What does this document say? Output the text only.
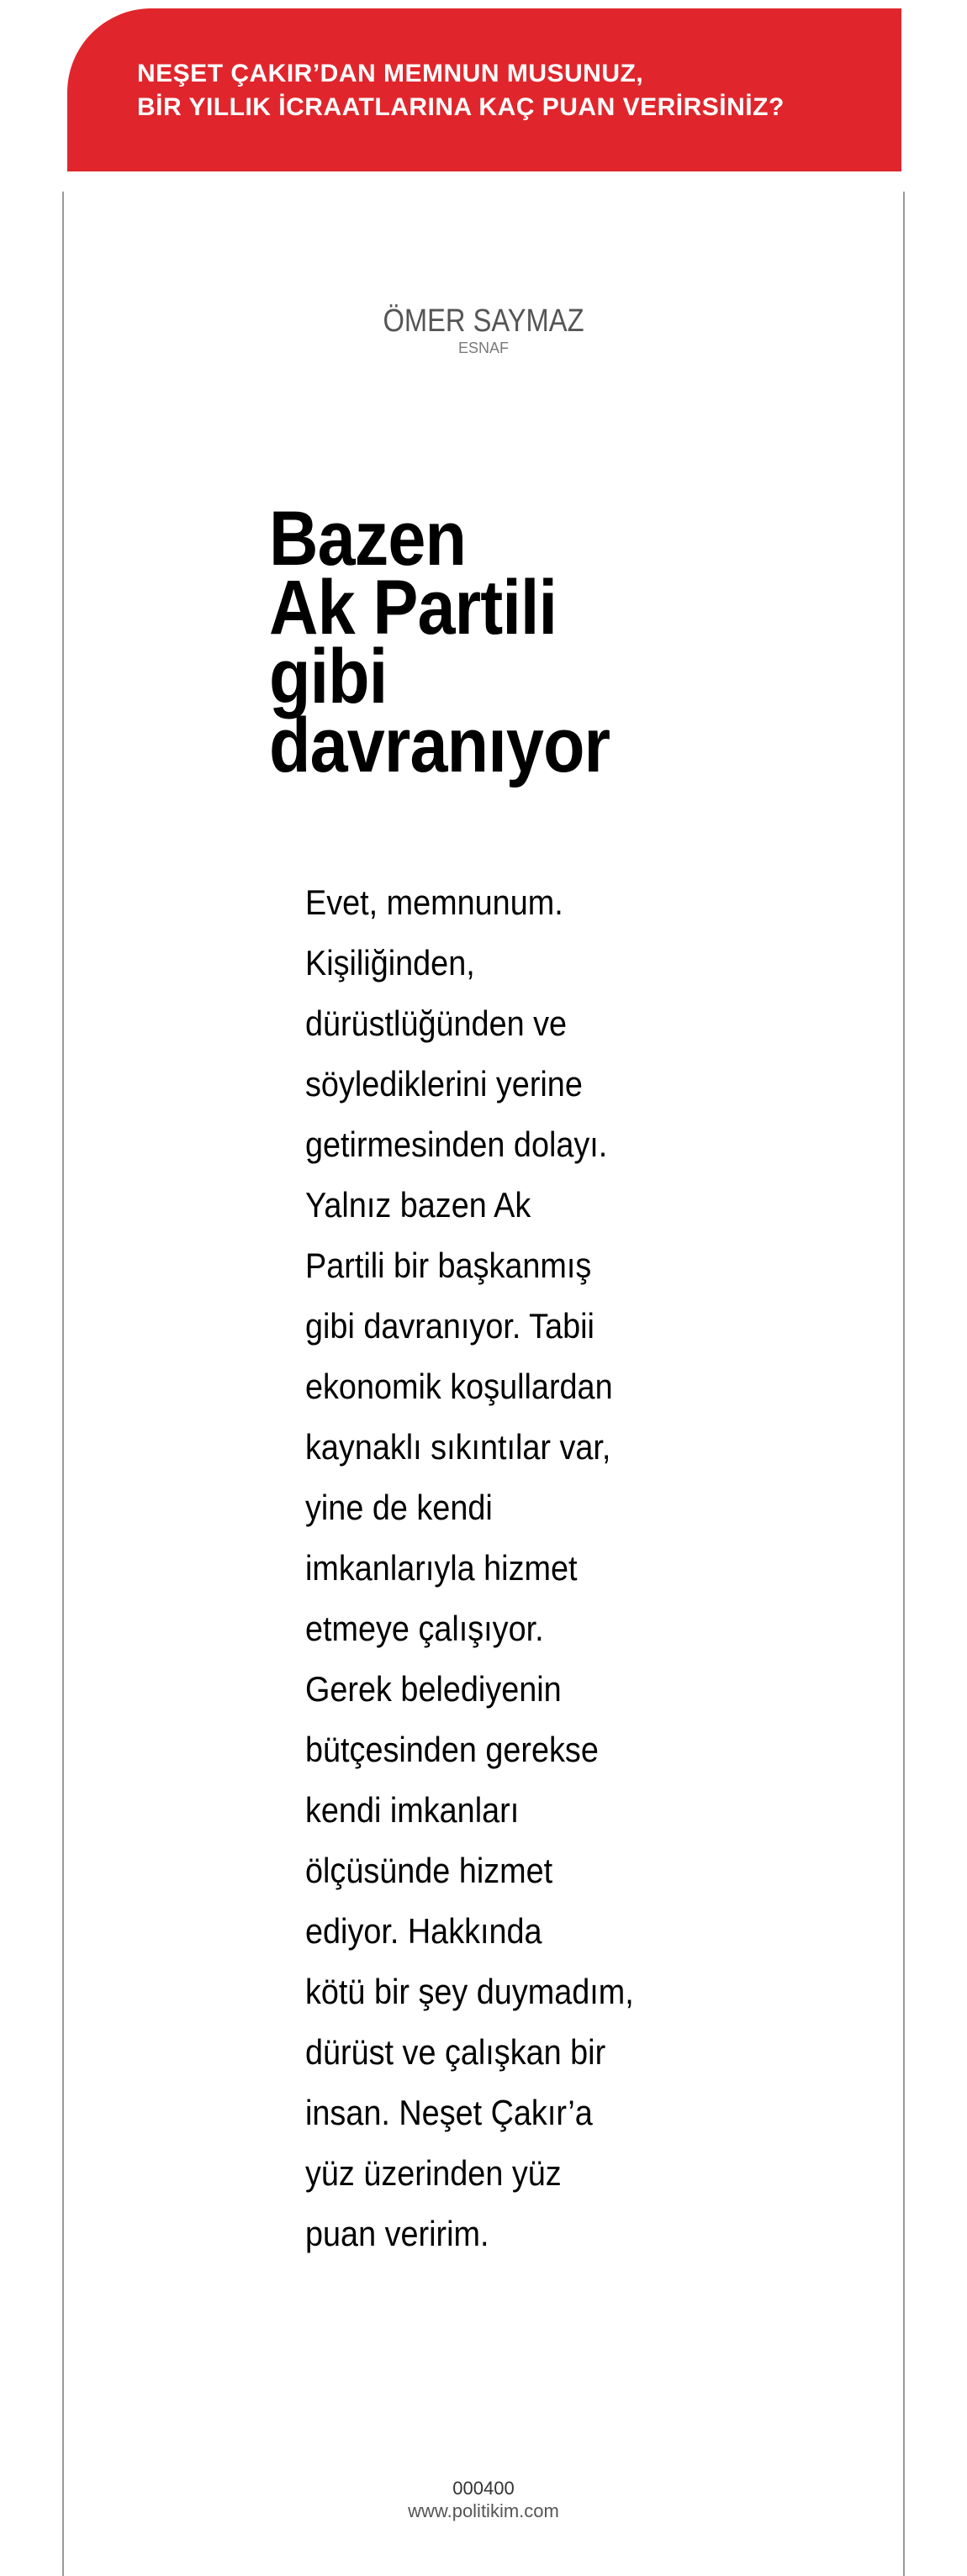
NEŞET ÇAKIR’DAN MEMNUN MUSUNUZ,
BİR YILLIK İCRAATLARINA KAÇ PUAN VERİRSİNİZ?
ÖMER SAYMAZ
ESNAF
Bazen
Ak Partili
gibi
davranıyor
Evet, memnunum.
Kişiliğinden,
dürüstlüğünden ve
söylediklerini yerine
getirmesinden dolayı.
Yalnız bazen Ak
Partili bir başkanmış
gibi davranıyor. Tabii
ekonomik koşullardan
kaynaklı sıkıntılar var,
yine de kendi
imkanlarıyla hizmet
etmeye çalışıyor.
Gerek belediyenin
bütçesinden gerekse
kendi imkanları
ölçüsünde hizmet
ediyor. Hakkında
kötü bir şey duymadım,
dürüst ve çalışkan bir
insan. Neşet Çakır’a
yüz üzerinden yüz
puan veririm.
000400
www.politikim.com
